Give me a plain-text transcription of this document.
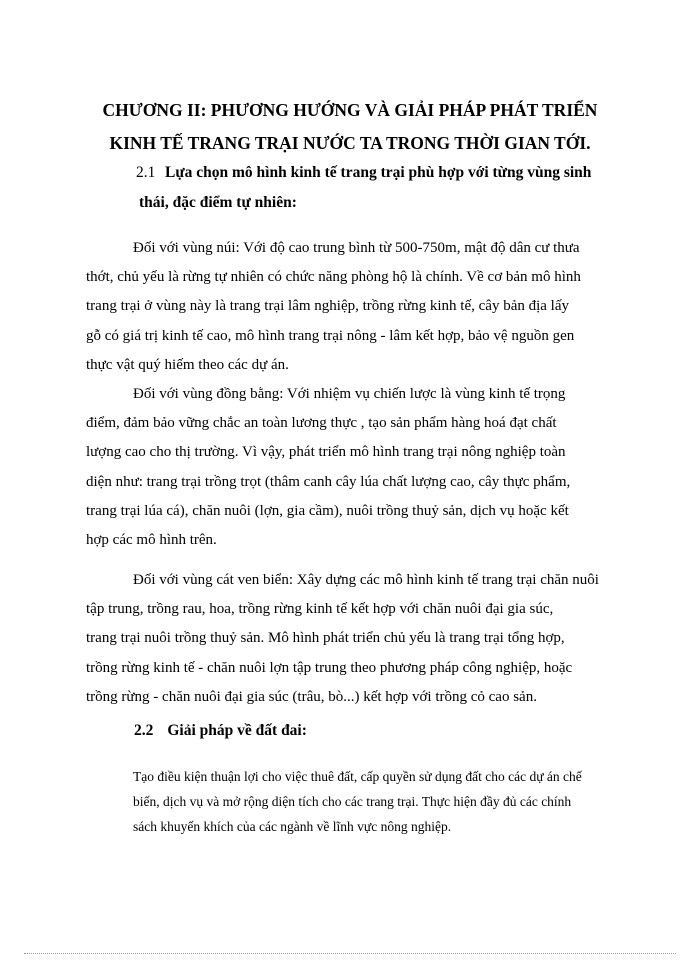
CHƯƠNG II: PHƯƠNG HƯỚNG VÀ GIẢI PHÁP PHÁT TRIỂN
KINH TẾ TRANG TRẠI NƯỚC TA TRONG THỜI GIAN TỚI.
2.1 Lựa chọn mô hình kinh tế trang trại phù hợp với từng vùng sinh
thái, đặc điểm tự nhiên:
Đối với vùng núi: Với độ cao trung bình từ 500-750m, mật độ dân cư thưa
thớt, chủ yếu là rừng tự nhiên có chức năng phòng hộ là chính. Về cơ bản mô hình
trang trại ở vùng này là trang trại lâm nghiệp, trồng rừng kinh tế, cây bản địa lấy
gỗ có giá trị kinh tế cao, mô hình trang trại nông - lâm kết hợp, bảo vệ nguồn gen
thực vật quý hiếm theo các dự án.
Đối với vùng đồng bằng: Với nhiệm vụ chiến lược là vùng kinh tế trọng
điểm, đảm bảo vững chắc an toàn lương thực , tạo sản phẩm hàng hoá đạt chất
lượng cao cho thị trường. Vì vậy, phát triển mô hình trang trại nông nghiệp toàn
diện như: trang trại trồng trọt (thâm canh cây lúa chất lượng cao, cây thực phẩm,
trang trại lúa cá), chăn nuôi (lợn, gia cầm), nuôi trồng thuỷ sản, dịch vụ hoặc kết
hợp các mô hình trên.
Đối với vùng cát ven biển: Xây dựng các mô hình kinh tế trang trại chăn nuôi
tập trung, trồng rau, hoa, trồng rừng kinh tế kết hợp với chăn nuôi đại gia súc,
trang trại nuôi trồng thuỷ sản. Mô hình phát triển chủ yếu là trang trại tổng hợp,
trồng rừng kinh tế - chăn nuôi lợn tập trung theo phương pháp công nghiệp, hoặc
trồng rừng - chăn nuôi đại gia súc (trâu, bò...) kết hợp với trồng cỏ cao sản.
2.2 Giải pháp về đất đai:
Tạo điều kiện thuận lợi cho việc thuê đất, cấp quyền sử dụng đất cho các dự án chế
biến, dịch vụ và mở rộng diện tích cho các trang trại. Thực hiện đầy đủ các chính
sách khuyến khích của các ngành về lĩnh vực nông nghiệp.
